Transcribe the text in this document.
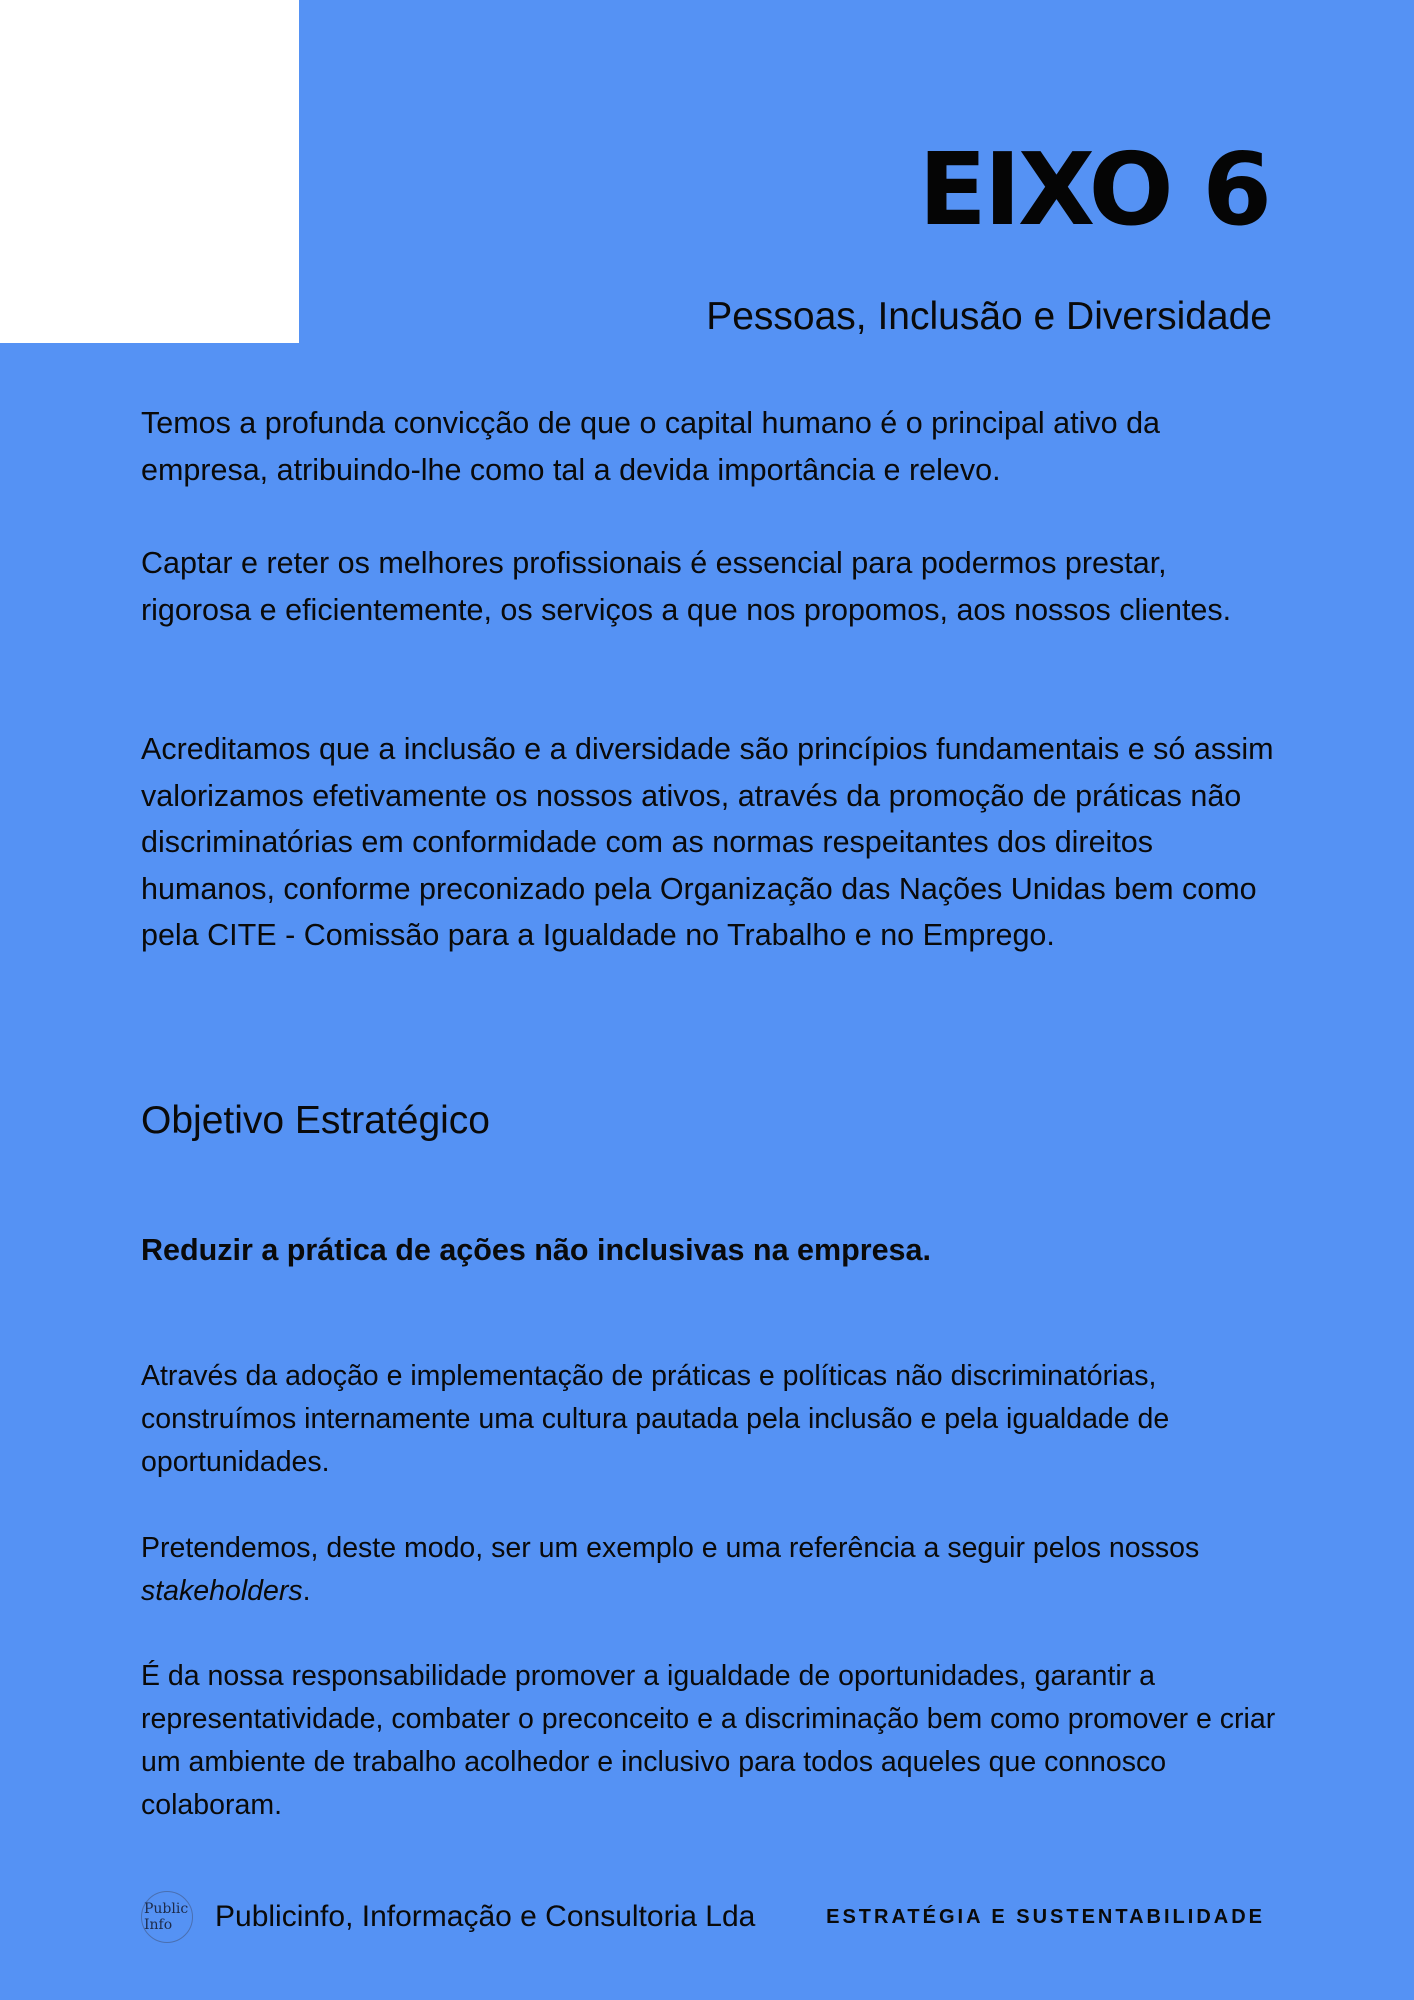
EIXO 6

Pessoas, Inclusão e Diversidade

Temos a profunda convicção de que o capital humano é o principal ativo da empresa, atribuindo-lhe como tal a devida importância e relevo.

Captar e reter os melhores profissionais é essencial para podermos prestar, rigorosa e eficientemente, os serviços a que nos propomos, aos nossos clientes.

Acreditamos que a inclusão e a diversidade são princípios fundamentais e só assim valorizamos efetivamente os nossos ativos, através da promoção de práticas não discriminatórias em conformidade com as normas respeitantes dos direitos humanos, conforme preconizado pela Organização das Nações Unidas bem como pela CITE - Comissão para a Igualdade no Trabalho e no Emprego.

Objetivo Estratégico

Reduzir a prática de ações não inclusivas na empresa.

Através da adoção e implementação de práticas e políticas não discriminatórias, construímos internamente uma cultura pautada pela inclusão e pela igualdade de oportunidades.

Pretendemos, deste modo, ser um exemplo e uma referência a seguir pelos nossos stakeholders.

É da nossa responsabilidade promover a igualdade de oportunidades, garantir a representatividade, combater o preconceito e a discriminação bem como promover e criar um ambiente de trabalho acolhedor e inclusivo para todos aqueles que connosco colaboram.

Public
Info	Publicinfo, Informação e Consultoria Lda	ESTRATÉGIA E SUSTENTABILIDADE
